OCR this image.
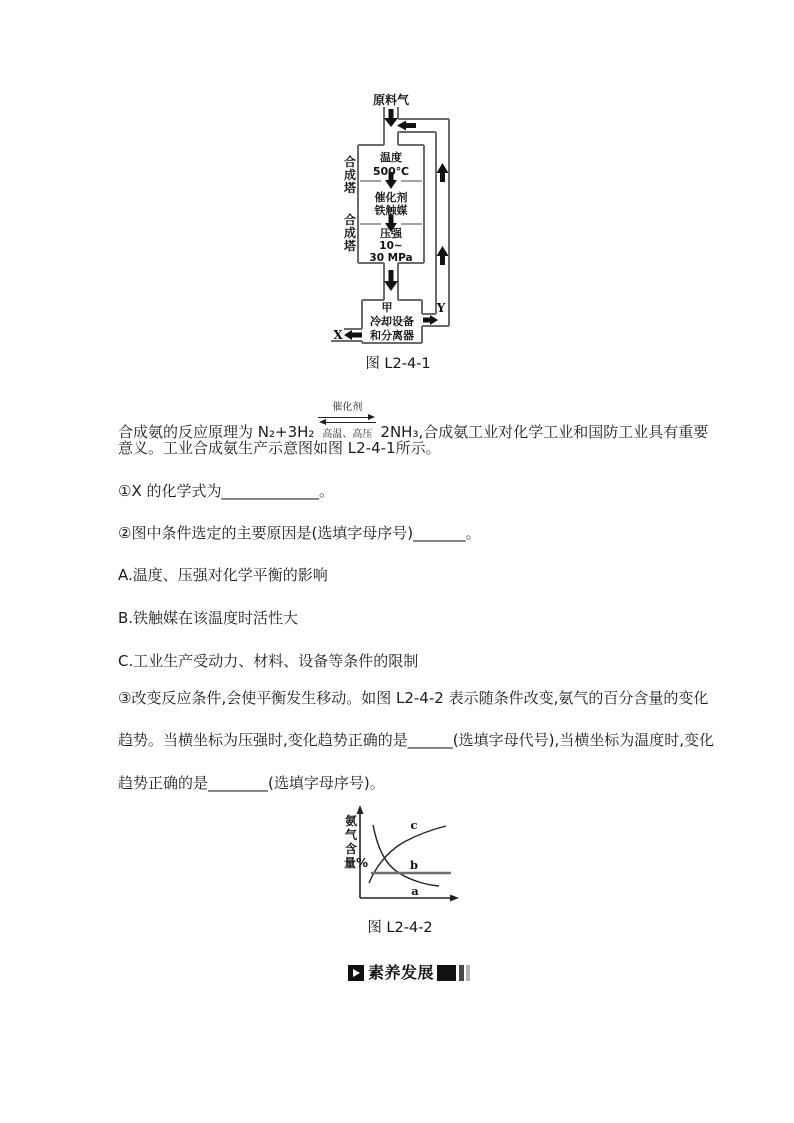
原料气
温度
500℃
催化剂
铁触媒
压强
10~
30 MPa
甲
冷却设备
和分离器
X
Y
合成塔
合成塔
图 L2-4-1
合成氨的反应原理为 N₂+3H₂催化剂
高温、高压 2NH₃,合成氨工业对化学工业和国防工业具有重要
意义。工业合成氨生产示意图如图 L2-4-1所示。
①X 的化学式为_____________。
②图中条件选定的主要原因是(选填字母序号)_______。
A.温度、压强对化学平衡的影响
B.铁触媒在该温度时活性大
C.工业生产受动力、材料、设备等条件的限制
③改变反应条件,会使平衡发生移动。如图 L2-4-2 表示随条件改变,氨气的百分含量的变化
趋势。当横坐标为压强时,变化趋势正确的是______(选填字母代号),当横坐标为温度时,变化
趋势正确的是________(选填字母序号)。
c
b
a
氨气含量%
图 L2-4-2
素养发展
